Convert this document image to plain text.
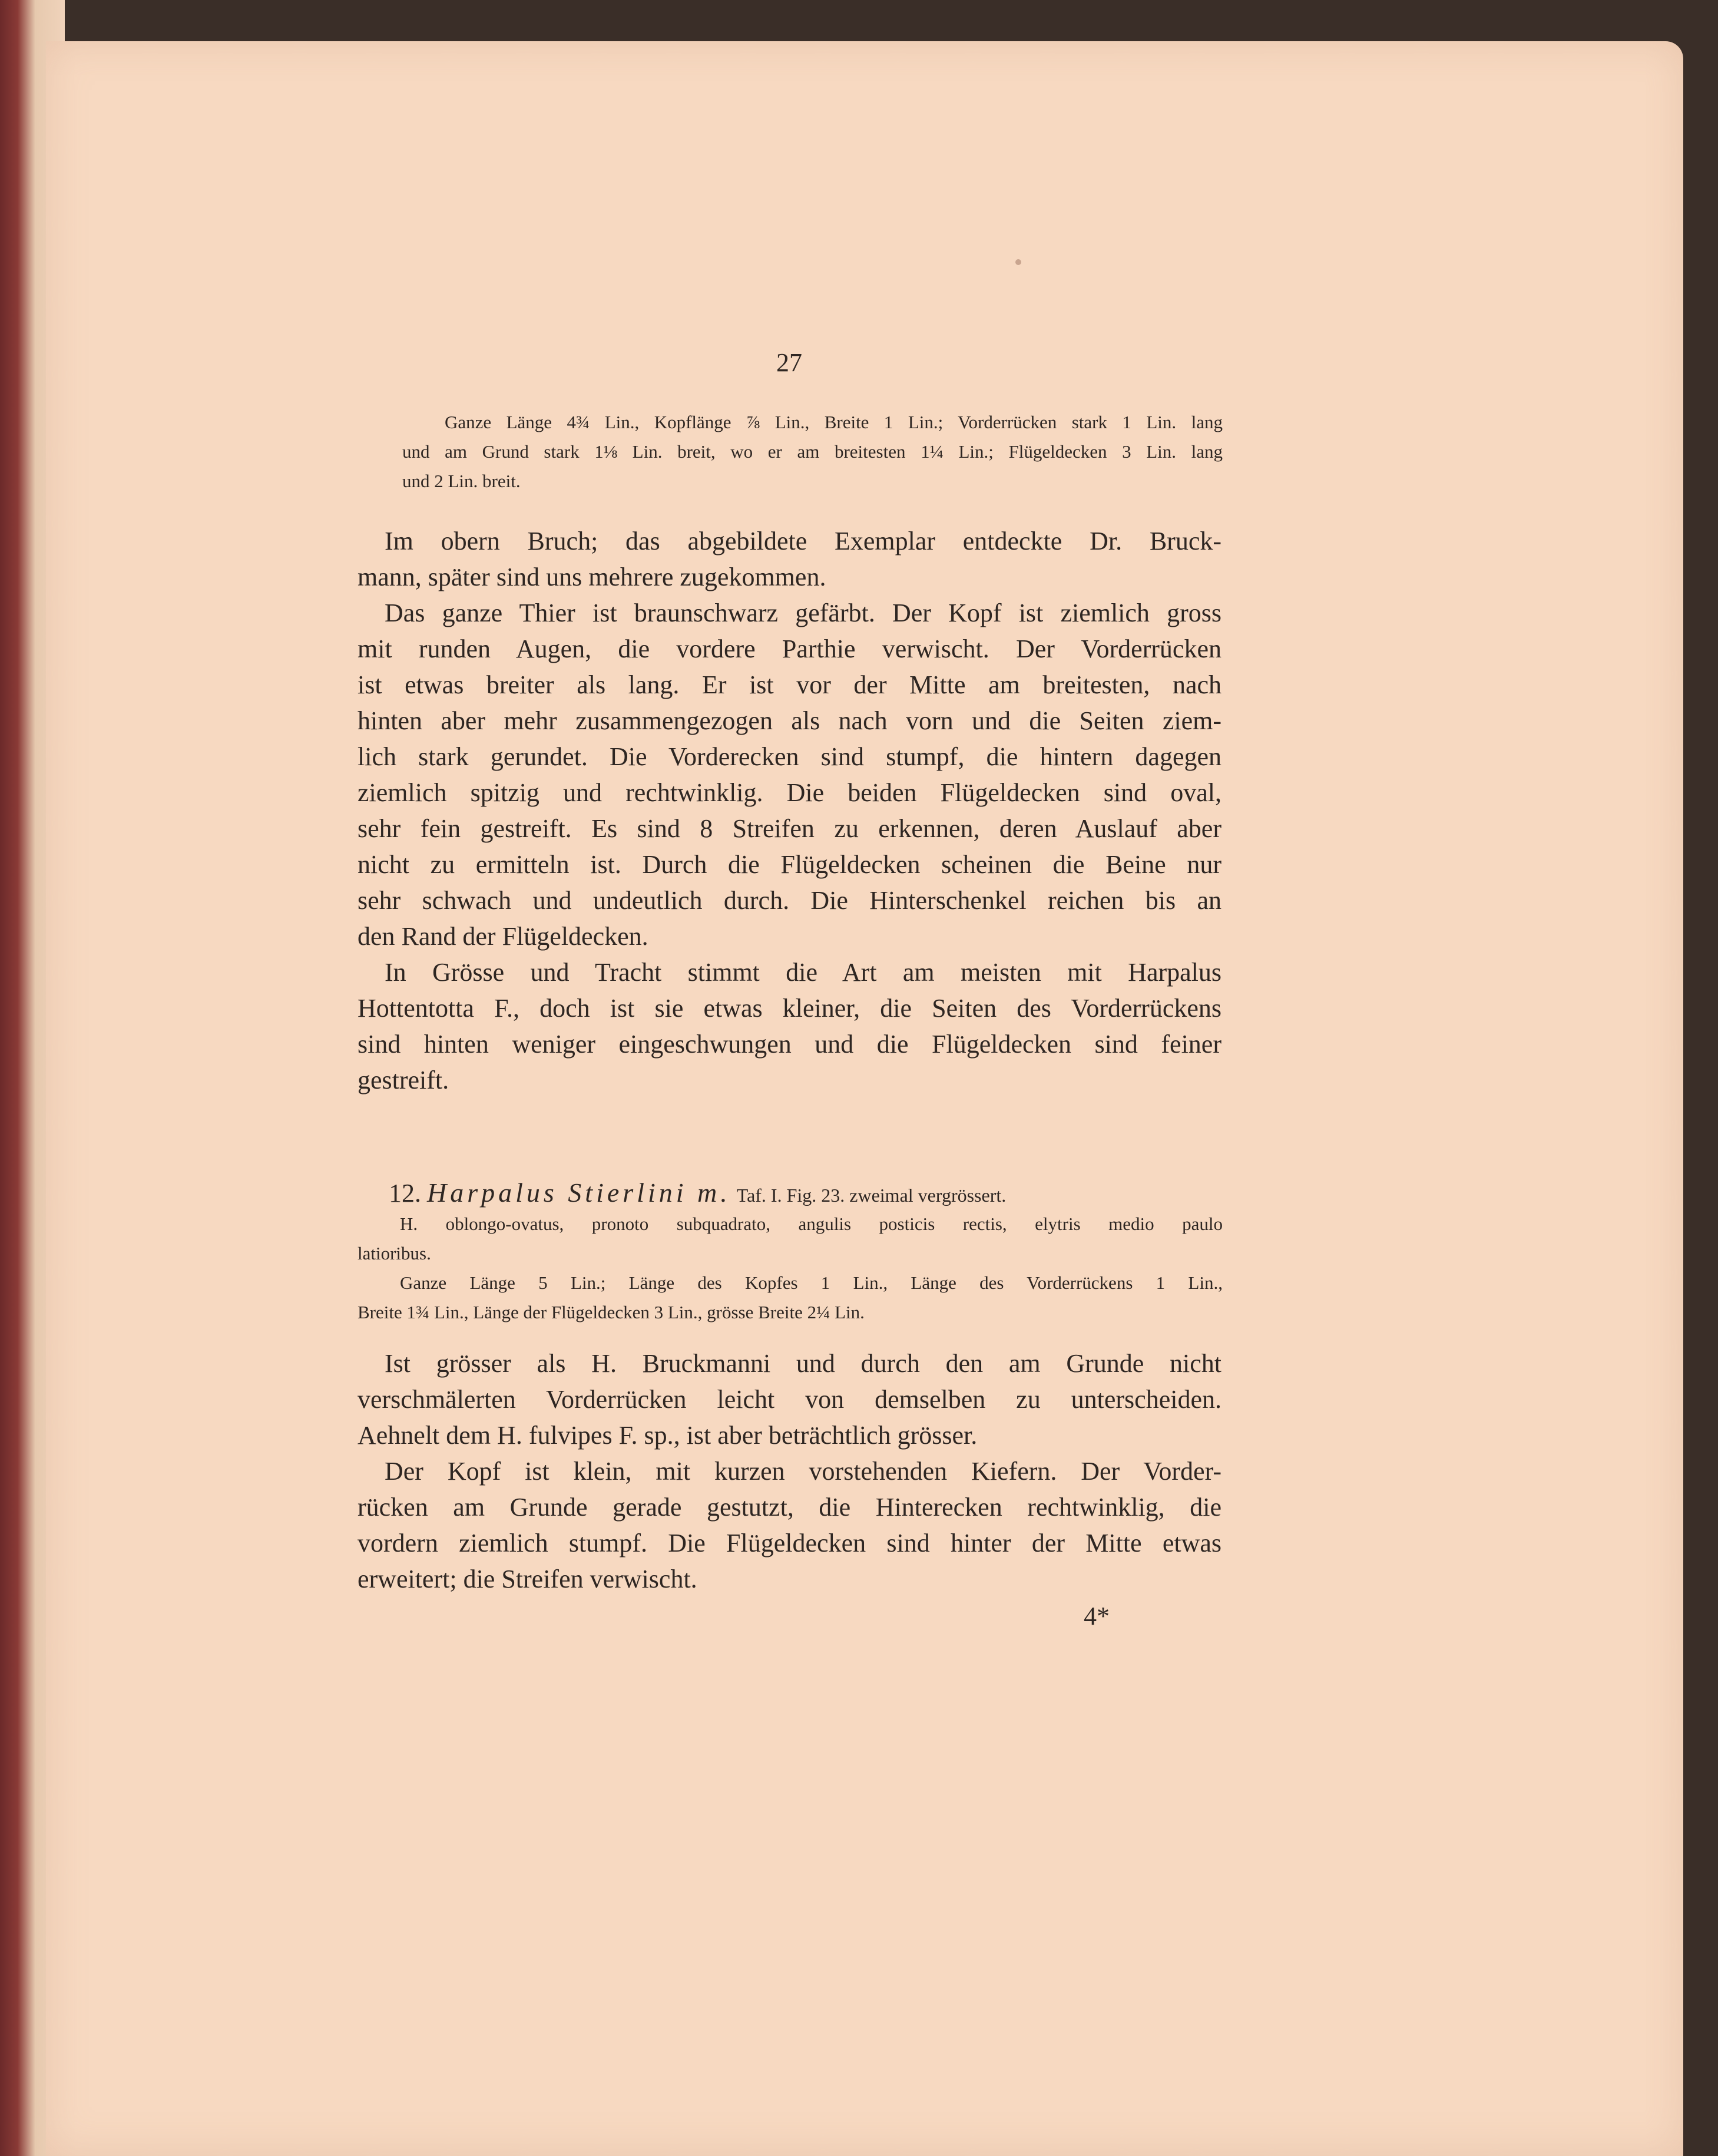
27

Ganze Länge 4¾ Lin., Kopflänge ⅞ Lin., Breite 1 Lin.; Vorderrücken stark 1 Lin. lang

und am Grund stark 1⅛ Lin. breit, wo er am breitesten 1¼ Lin.; Flügeldecken 3 Lin. lang

und 2 Lin. breit.

Im obern Bruch; das abgebildete Exemplar entdeckte Dr. Bruck-

mann, später sind uns mehrere zugekommen.

Das ganze Thier ist braunschwarz gefärbt. Der Kopf ist ziemlich gross

mit runden Augen, die vordere Parthie verwischt. Der Vorderrücken

ist etwas breiter als lang. Er ist vor der Mitte am breitesten, nach

hinten aber mehr zusammengezogen als nach vorn und die Seiten ziem-

lich stark gerundet. Die Vorderecken sind stumpf, die hintern dagegen

ziemlich spitzig und rechtwinklig. Die beiden Flügeldecken sind oval,

sehr fein gestreift. Es sind 8 Streifen zu erkennen, deren Auslauf aber

nicht zu ermitteln ist. Durch die Flügeldecken scheinen die Beine nur

sehr schwach und undeutlich durch. Die Hinterschenkel reichen bis an

den Rand der Flügeldecken.

In Grösse und Tracht stimmt die Art am meisten mit Harpalus

Hottentotta F., doch ist sie etwas kleiner, die Seiten des Vorderrückens

sind hinten weniger eingeschwungen und die Flügeldecken sind feiner

gestreift.

12. Harpalus Stierlini m. Taf. I. Fig. 23. zweimal vergrössert.

H. oblongo-ovatus, pronoto subquadrato, angulis posticis rectis, elytris medio paulo

latioribus.

Ganze Länge 5 Lin.; Länge des Kopfes 1 Lin., Länge des Vorderrückens 1 Lin.,

Breite 1¾ Lin., Länge der Flügeldecken 3 Lin., grösse Breite 2¼ Lin.

Ist grösser als H. Bruckmanni und durch den am Grunde nicht

verschmälerten Vorderrücken leicht von demselben zu unterscheiden.

Aehnelt dem H. fulvipes F. sp., ist aber beträchtlich grösser.

Der Kopf ist klein, mit kurzen vorstehenden Kiefern. Der Vorder-

rücken am Grunde gerade gestutzt, die Hinterecken rechtwinklig, die

vordern ziemlich stumpf. Die Flügeldecken sind hinter der Mitte etwas

erweitert; die Streifen verwischt.

4*
